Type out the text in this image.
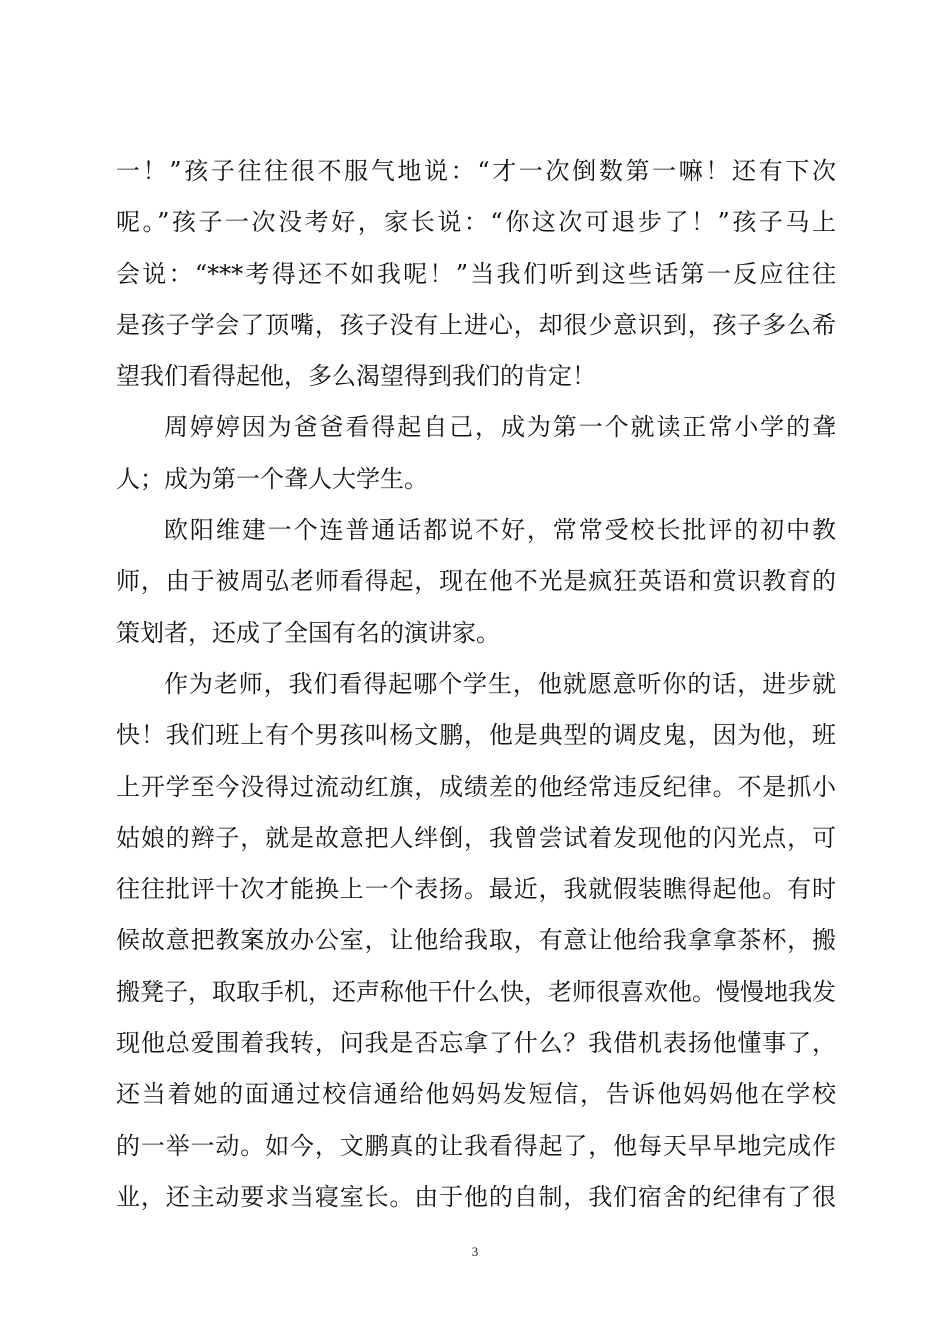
一！”孩子往往很不服气地说：“才一次倒数第一嘛！还有下次
呢。”孩子一次没考好，家长说：“你这次可退步了！”孩子马上
会说：“***考得还不如我呢！”当我们听到这些话第一反应往往
是孩子学会了顶嘴，孩子没有上进心，却很少意识到，孩子多么希
望我们看得起他，多么渴望得到我们的肯定！
周婷婷因为爸爸看得起自己，成为第一个就读正常小学的聋
人；成为第一个聋人大学生。
欧阳维建一个连普通话都说不好，常常受校长批评的初中教
师，由于被周弘老师看得起，现在他不光是疯狂英语和赏识教育的
策划者，还成了全国有名的演讲家。
作为老师，我们看得起哪个学生，他就愿意听你的话，进步就
快！我们班上有个男孩叫杨文鹏，他是典型的调皮鬼，因为他，班
上开学至今没得过流动红旗，成绩差的他经常违反纪律。不是抓小
姑娘的辫子，就是故意把人绊倒，我曾尝试着发现他的闪光点，可
往往批评十次才能换上一个表扬。最近，我就假装瞧得起他。有时
候故意把教案放办公室，让他给我取，有意让他给我拿拿茶杯，搬
搬凳子，取取手机，还声称他干什么快，老师很喜欢他。慢慢地我发
现他总爱围着我转，问我是否忘拿了什么？我借机表扬他懂事了，
还当着她的面通过校信通给他妈妈发短信，告诉他妈妈他在学校
的一举一动。如今，文鹏真的让我看得起了，他每天早早地完成作
业，还主动要求当寝室长。由于他的自制，我们宿舍的纪律有了很
3
